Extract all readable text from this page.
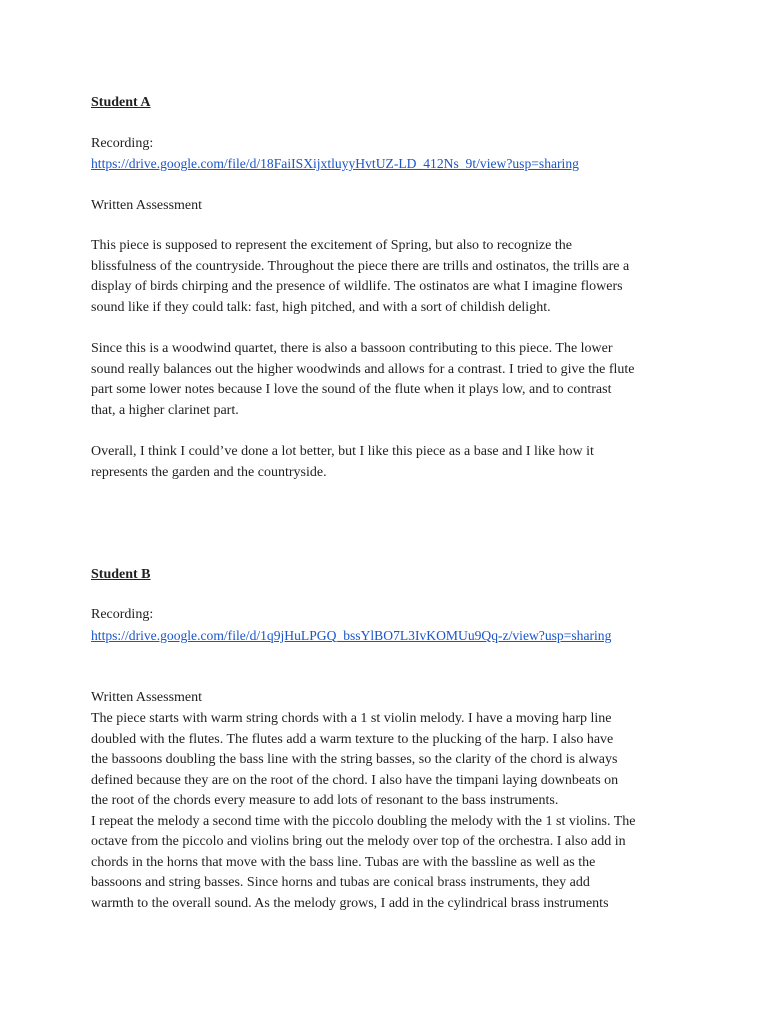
Student A
Recording:
https://drive.google.com/file/d/18FaiISXijxtluyyHvtUZ-LD_412Ns_9t/view?usp=sharing
Written Assessment
This piece is supposed to represent the excitement of Spring, but also to recognize the
blissfulness of the countryside. Throughout the piece there are trills and ostinatos, the trills are a
display of birds chirping and the presence of wildlife. The ostinatos are what I imagine flowers
sound like if they could talk: fast, high pitched, and with a sort of childish delight.
Since this is a woodwind quartet, there is also a bassoon contributing to this piece. The lower
sound really balances out the higher woodwinds and allows for a contrast. I tried to give the flute
part some lower notes because I love the sound of the flute when it plays low, and to contrast
that, a higher clarinet part.
Overall, I think I could’ve done a lot better, but I like this piece as a base and I like how it
represents the garden and the countryside.
Student B
Recording:
https://drive.google.com/file/d/1q9jHuLPGQ_bssYlBO7L3IvKOMUu9Qq-z/view?usp=sharing
Written Assessment
The piece starts with warm string chords with a 1 st violin melody. I have a moving harp line
doubled with the flutes. The flutes add a warm texture to the plucking of the harp. I also have
the bassoons doubling the bass line with the string basses, so the clarity of the chord is always
defined because they are on the root of the chord. I also have the timpani laying downbeats on
the root of the chords every measure to add lots of resonant to the bass instruments.
I repeat the melody a second time with the piccolo doubling the melody with the 1 st violins. The
octave from the piccolo and violins bring out the melody over top of the orchestra. I also add in
chords in the horns that move with the bass line. Tubas are with the bassline as well as the
bassoons and string basses. Since horns and tubas are conical brass instruments, they add
warmth to the overall sound. As the melody grows, I add in the cylindrical brass instruments
